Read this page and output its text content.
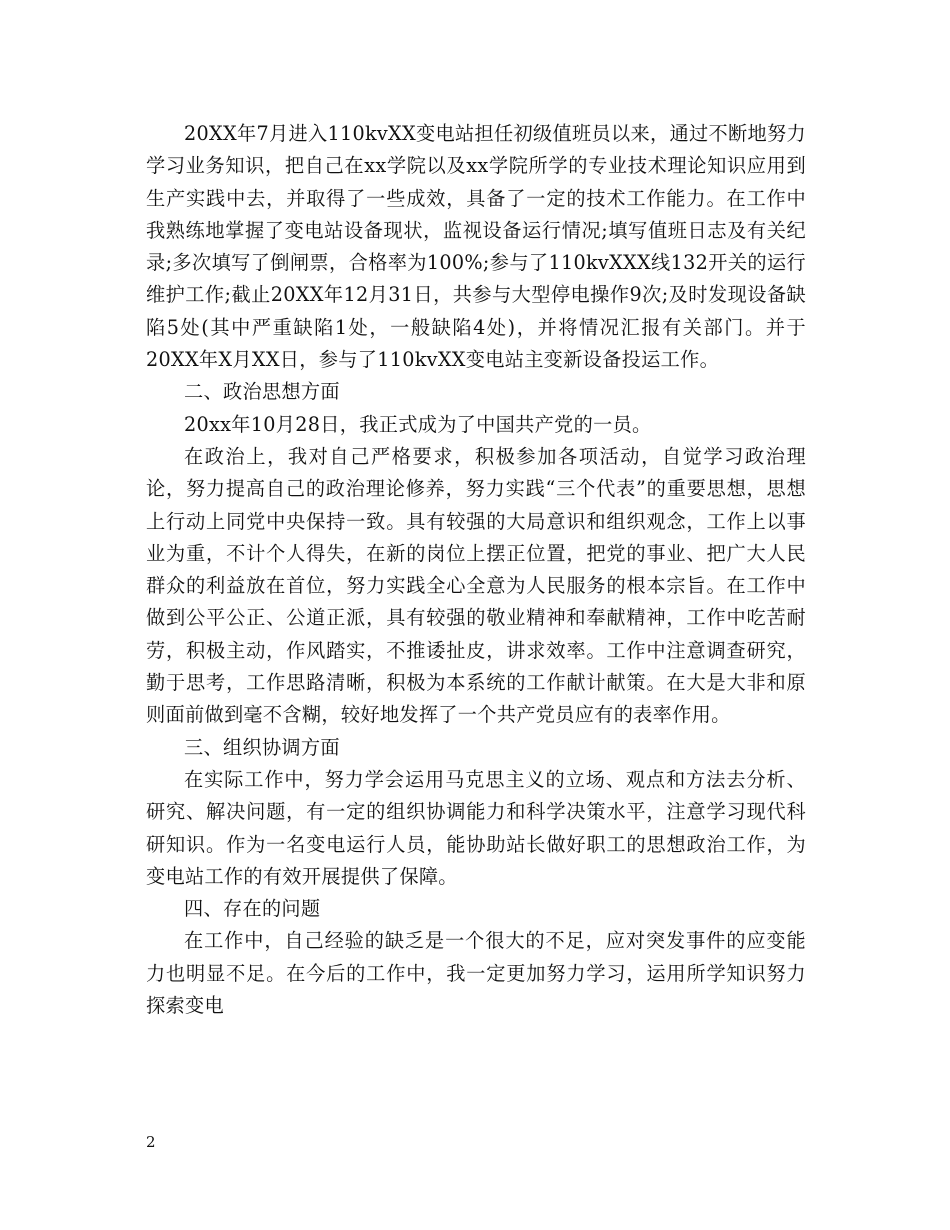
20XX年7月进入110kvXX变电站担任初级值班员以来，通过不断地努力学习业务知识，把自己在xx学院以及xx学院所学的专业技术理论知识应用到生产实践中去，并取得了一些成效，具备了一定的技术工作能力。在工作中我熟练地掌握了变电站设备现状，监视设备运行情况;填写值班日志及有关纪录;多次填写了倒闸票，合格率为100%;参与了110kvXXX线132开关的运行维护工作;截止20XX年12月31日，共参与大型停电操作9次;及时发现设备缺陷5处(其中严重缺陷1处，一般缺陷4处)，并将情况汇报有关部门。并于20XX年X月XX日，参与了110kvXX变电站主变新设备投运工作。

二、政治思想方面

20xx年10月28日，我正式成为了中国共产党的一员。

在政治上，我对自己严格要求，积极参加各项活动，自觉学习政治理论，努力提高自己的政治理论修养，努力实践“三个代表”的重要思想，思想上行动上同党中央保持一致。具有较强的大局意识和组织观念，工作上以事业为重，不计个人得失，在新的岗位上摆正位置，把党的事业、把广大人民群众的利益放在首位，努力实践全心全意为人民服务的根本宗旨。在工作中做到公平公正、公道正派，具有较强的敬业精神和奉献精神，工作中吃苦耐劳，积极主动，作风踏实，不推诿扯皮，讲求效率。工作中注意调查研究，勤于思考，工作思路清晰，积极为本系统的工作献计献策。在大是大非和原则面前做到毫不含糊，较好地发挥了一个共产党员应有的表率作用。

三、组织协调方面

在实际工作中，努力学会运用马克思主义的立场、观点和方法去分析、研究、解决问题，有一定的组织协调能力和科学决策水平，注意学习现代科研知识。作为一名变电运行人员，能协助站长做好职工的思想政治工作，为变电站工作的有效开展提供了保障。

四、存在的问题

在工作中，自己经验的缺乏是一个很大的不足，应对突发事件的应变能力也明显不足。在今后的工作中，我一定更加努力学习，运用所学知识努力探索变电

2
